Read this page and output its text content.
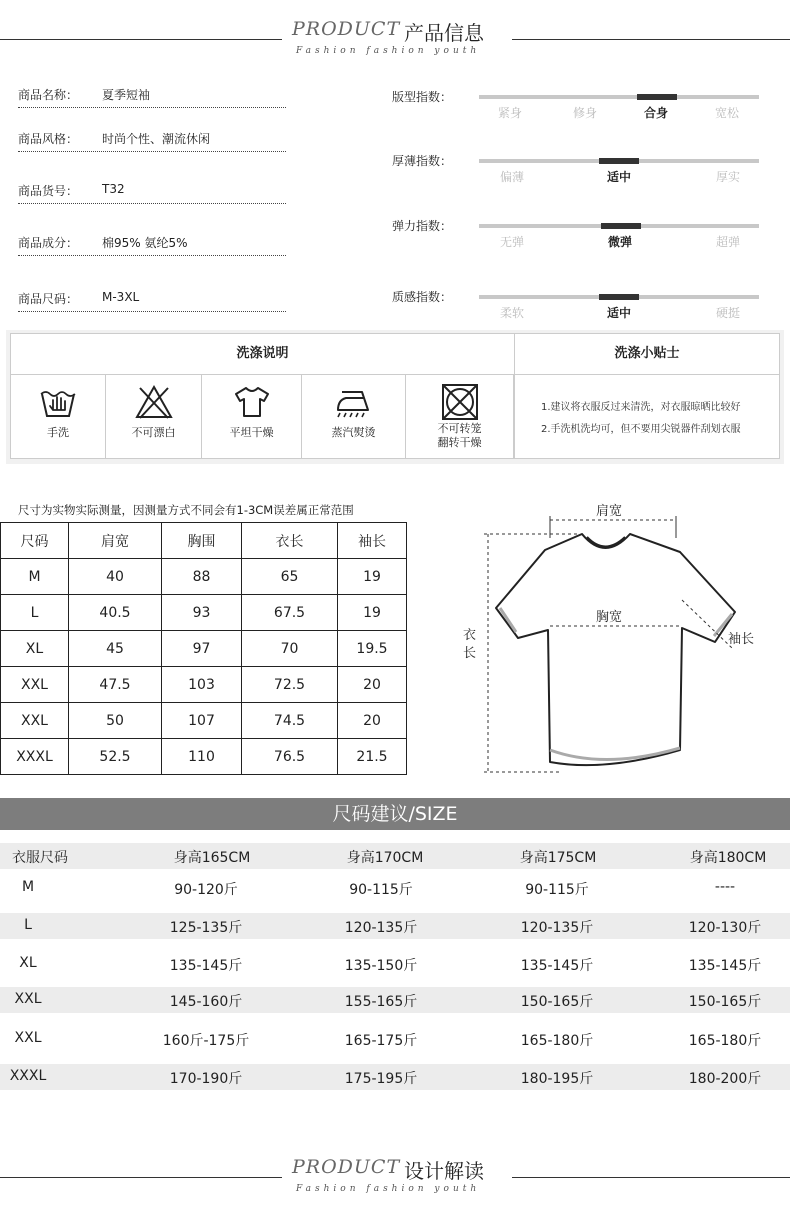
PRODUCT 产品信息
Fashion fashion youth
商品名称： 夏季短袖
商品风格： 时尚个性、潮流休闲
商品货号： T32
商品成分： 棉95% 氨纶5%
商品尺码： M-3XL
版型指数：
紧身	修身	合身	宽松
厚薄指数：
偏薄	适中	厚实
弹力指数：
无弹	微弹	超弹
质感指数：
柔软	适中	硬挺
洗涤说明	洗涤小贴士
手洗	不可漂白	平坦干燥	蒸汽熨烫	不可转笼
翻转干燥
1.建议将衣服反过来清洗，对衣服晾晒比较好
2.手洗机洗均可，但不要用尖锐器件刮划衣服
尺寸为实物实际测量，因测量方式不同会有1-3CM误差属正常范围
尺码	肩宽	胸围	衣长	袖长
M	40	88	65	19
L	40.5	93	67.5	19
XL	45	97	70	19.5
XXL	47.5	103	72.5	20
XXL	50	107	74.5	20
XXXL	52.5	110	76.5	21.5
肩宽
胸宽
衣
长
袖长
尺码建议/SIZE
衣服尺码	身高165CM	身高170CM	身高175CM	身高180CM
M	90-120斤	90-115斤	90-115斤	----
L	125-135斤	120-135斤	120-135斤	120-130斤
XL	135-145斤	135-150斤	135-145斤	135-145斤
XXL	145-160斤	155-165斤	150-165斤	150-165斤
XXL	160斤-175斤	165-175斤	165-180斤	165-180斤
XXXL	170-190斤	175-195斤	180-195斤	180-200斤
PRODUCT 设计解读
Fashion fashion youth
